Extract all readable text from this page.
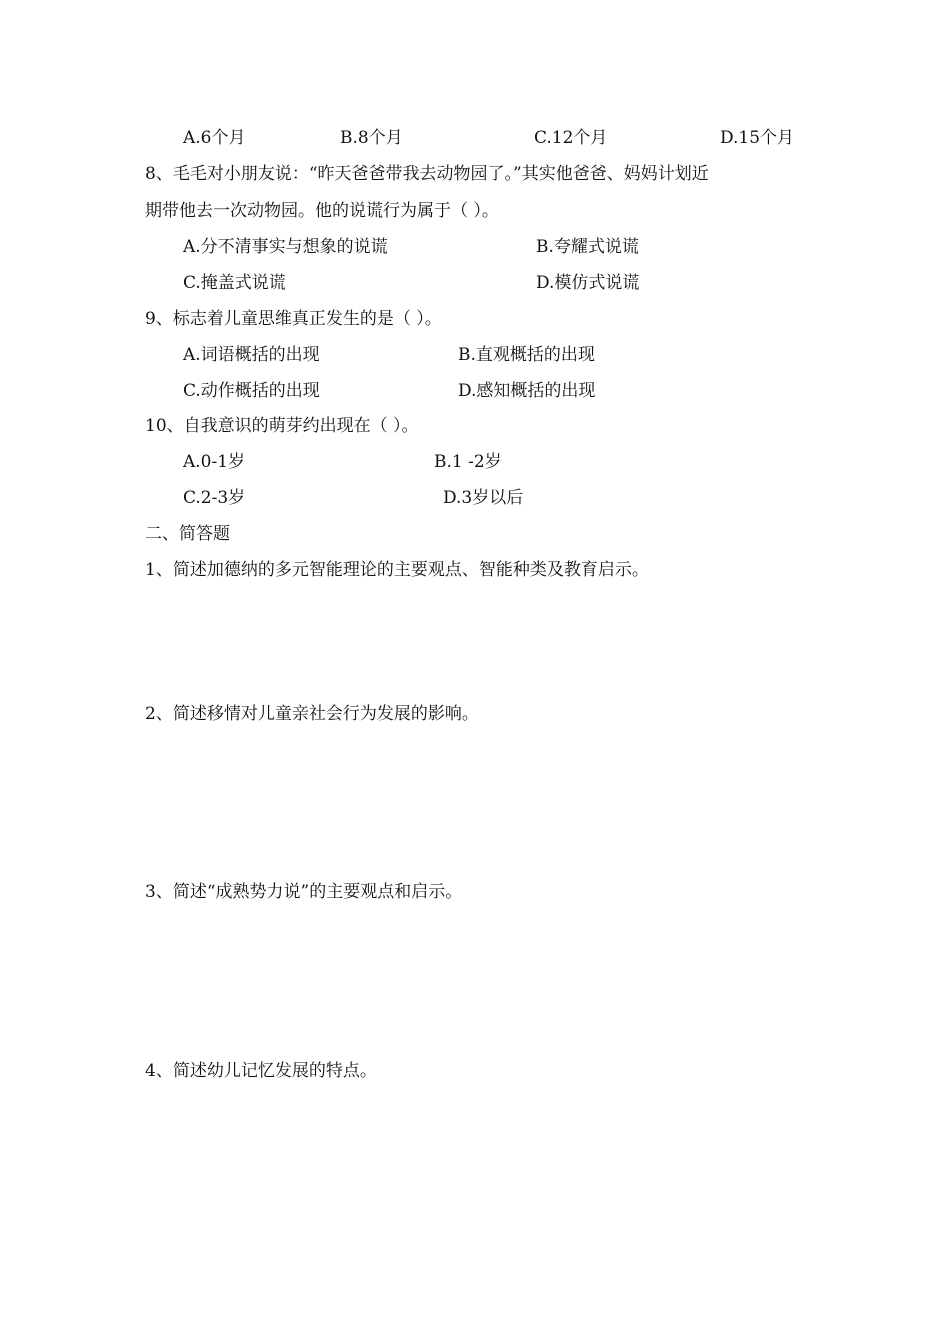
A.6个月	B.8个月	C.12个月	D.15个月
8、毛毛对小朋友说：“昨天爸爸带我去动物园了。”其实他爸爸、妈妈计划近
期带他去一次动物园。他的说谎行为属于（ ）。
A.分不清事实与想象的说谎	B.夸耀式说谎
C.掩盖式说谎	D.模仿式说谎
9、标志着儿童思维真正发生的是（ ）。
A.词语概括的出现	B.直观概括的出现
C.动作概括的出现	D.感知概括的出现
10、自我意识的萌芽约出现在（ ）。
A.0-1岁	B.1 -2岁
C.2-3岁	D.3岁以后
二、简答题
1、简述加德纳的多元智能理论的主要观点、智能种类及教育启示。
2、简述移情对儿童亲社会行为发展的影响。
3、简述“成熟势力说”的主要观点和启示。
4、简述幼儿记忆发展的特点。
